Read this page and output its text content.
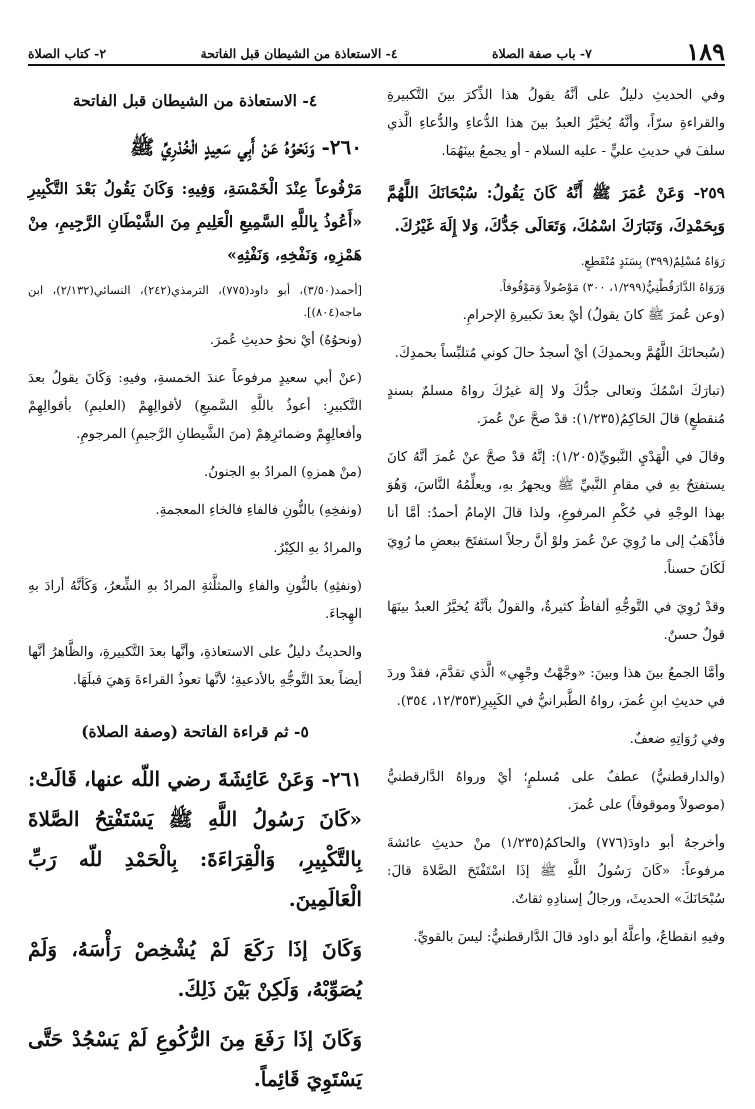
١٨٩
٧- باب صفة الصلاة
٤- الاستعاذة من الشيطان قبل الفاتحة
٢- كتاب الصلاة

وفي الحديثِ دليلٌ على أنَّهُ يقولُ هذا الذِّكرَ بينَ التَّكبيرةِ والقراءةِ سرّاً، وأنَّهُ يُخيَّرُ العبدُ بينَ هذا الدُّعاءِ والدُّعاءِ الَّذي سلفَ في حديثِ عليٍّ - عليه السلام - أو يجمعُ بينَهُمَا.

٢٥٩- وَعَنْ عُمَرَ ﷺ أَنَّهُ كَانَ يَقُولُ: سُبْحَانَكَ اللَّهُمَّ وَبِحَمْدِكَ، وَتَبَارَكَ اسْمُكَ، وَتَعَالَى جَدُّكَ، وَلا إِلَهَ غَيْرُكَ.

رَوَاهُ مُسْلِمٌ(٣٩٩) بِسَنَدٍ مُنْقَطِعٍ.

وَرَوَاهُ الدَّارَقُطْنِيُّ(١/٢٩٩، ٣٠٠) مَوْصُولاً وَمَوْقُوفاً.

(وعن عُمرَ ﷺ كانَ يقولُ) أيْ بعدَ تكبيرةِ الإحرامِ.

(سُبحانَكَ اللَّهُمَّ وبحمدِكَ) أيْ أسجدُ حالَ كوني مُتلبِّساً بحمدِكَ.

(تبارَكَ اسْمُكَ وتعالى جدُّكَ ولا إلهَ غيرُكَ رواهُ مسلمٌ بسندٍ مُنقطعٍ) قالَ الحَاكِمُ(١/٢٣٥): قدْ صحَّ عنْ عُمرَ.

وقالَ في الْهَدْيِ النَّبويِّ(١/٢٠٥): إنَّهُ قدْ صحَّ عنْ عُمرَ أنَّهُ كانَ يستفتِحُ بهِ في مقامِ النَّبيِّ ﷺ ويجهرُ بهِ، ويعلِّمُهُ النَّاسَ، وَهُوَ بهذا الوجْهِ في حُكْمِ المرفوعِ، ولذا قالَ الإمامُ أحمدُ: أمَّا أنا فأذْهَبُ إلى ما رُوِيَ عنْ عُمرَ ولوْ أنَّ رجلاً استفتَحَ ببعضِ ما رُوِيَ لَكَانَ حسناً.

وقدْ رُوِيَ في التَّوجُّهِ ألفاظٌ كثيرةٌ، والقولُ بأنَّهُ يُخيَّرُ العبدُ بينَهَا قولٌ حسنٌ.

وأمَّا الجمعُ بينَ هذا وبينَ: «وجَّهْتُ وجْهِي» الَّذي تقدَّمَ، فقدْ وردَ في حديثِ ابنِ عُمرَ، رواهُ الطَّبرانيُّ في الكَبِيرِ(١٢/٣٥٣، ٣٥٤).

وفي رُوَاتِهِ ضعفٌ.

(والدارقطنيُّ) عطفٌ على مُسلمٍ؛ أيْ ورواهُ الدَّارقطنيُّ (موصولاً وموقوفاً) على عُمرَ.

وأخرجهُ أبو داودَ(٧٧٦) والحاكمُ(١/٢٣٥) منْ حديثِ عائشةَ مرفوعاً: «كَانَ رَسُولُ اللَّهِ ﷺ إذَا اسْتَفْتَحَ الصَّلاةَ قالَ: سُبْحَانَكَ» الحديثَ، ورجالُ إسنادِهِ ثقاتٌ.

وفيهِ انقطاعٌ، وأعلَّهُ أبو داود قالَ الدَّارقطنيُّ: ليسَ بالقويِّ.

٤- الاستعاذة من الشيطان قبل الفاتحة

٢٦٠- وَنَحْوُهُ عَنْ أَبِي سَعِيدٍ الْخُدْرِيِّ ﷺ

مَرْفُوعاً عِنْدَ الْخَمْسَةِ، وَفِيهِ: وَكَانَ يَقُولُ بَعْدَ التَّكْبِيرِ «أَعُوذُ بِاللَّهِ السَّمِيعِ الْعَلِيمِ مِنَ الشَّيْطَانِ الرَّجِيمِ، مِنْ هَمْزِهِ، وَنَفْخِهِ، وَنَفْثِهِ»

[أحمد(٣/٥٠)، أبو داود(٧٧٥)، الترمذي(٢٤٢)، النسائي(٢/١٣٢)، ابن ماجه(٨٠٤)].

(ونحوُهُ) أيْ نحوُ حديثِ عُمرَ.

(عنْ أبي سعيدٍ مرفوعاً عندَ الخمسةِ، وفيهِ: وَكَانَ يقولُ بعدَ التَّكبيرِ: أعوذُ باللَّهِ السَّميعِ) لأقوالِهِمْ (العليمِ) بأقوالِهِمْ وأفعالِهِمْ وضمائرِهِمْ (منَ الشَّيطانِ الرَّجيمِ) المرجومِ.

(منْ همزهِ) المرادُ بهِ الجنونُ.

(ونفخِهِ) بالنُّونِ فالفاءِ فالخاءِ المعجمةِ.

والمرادُ بهِ الكِبْرُ.

(ونفثِهِ) بالنُّونِ والفاءِ والمثلَّثةِ المرادُ بهِ الشِّعرُ، وَكَأنَّهُ أرادَ بهِ الهِجاءَ.

والحديثُ دليلٌ على الاستعاذةِ، وأنَّها بعدَ التَّكبيرةِ، والظَّاهرُ أنَّها أيضاً بعدَ التَّوجُّهِ بالأدعيةِ؛ لأنَّها تعوذُ القراءةَ وَهيَ قبلَهَا.

٥- ثم قراءة الفاتحة (وصفة الصلاة)

٢٦١- وَعَنْ عَائِشَةَ رضي اللّه عنها، قَالَتْ: «كَانَ رَسُولُ اللَّهِ ﷺ يَسْتَفْتِحُ الصَّلاةَ بِالتَّكْبِيرِ، وَالْقِرَاءَةَ: بِالْحَمْدِ للّه رَبِّ الْعَالَمِينَ.

وَكَانَ إذَا رَكَعَ لَمْ يُشْخِصْ رَأْسَهُ، وَلَمْ يُصَوِّبْهُ، وَلَكِنْ بَيْنَ ذَلِكَ.

وَكَانَ إذَا رَفَعَ مِنَ الرُّكُوعِ لَمْ يَسْجُدْ حَتَّى يَسْتَوِيَ قَائِماً.
